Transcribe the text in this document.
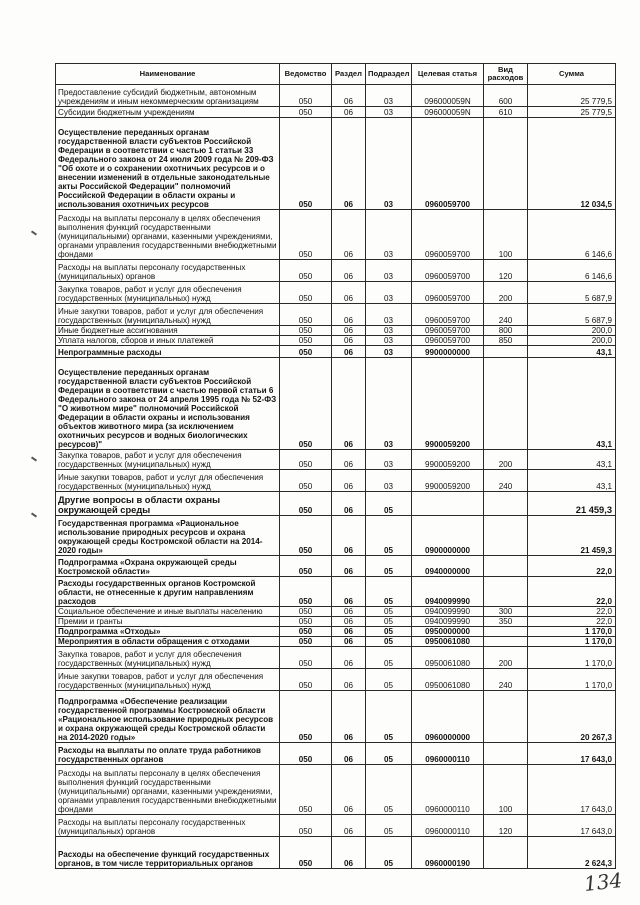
Наименование	Ведомство	Раздел	Подраздел	Целевая статья	Вид расходов	Сумма
Предоставление субсидий бюджетным, автономным учреждениям и иным некоммерческим организациям	050	06	03	096000059N	600	25 779,5
Субсидии бюджетным учреждениям	050	06	03	096000059N	610	25 779,5
Осуществление переданных органам государственной власти субъектов Российской Федерации в соответствии с частью 1 статьи 33 Федерального закона от 24 июля 2009 года № 209-ФЗ "Об охоте и о сохранении охотничьих ресурсов и о внесении изменений в отдельные законодательные акты Российской Федерации" полномочий Российской Федерации в области охраны и использования охотничьих ресурсов	050	06	03	0960059700		12 034,5
Расходы на выплаты персоналу в целях обеспечения выполнения функций государственными (муниципальными) органами, казенными учреждениями, органами управления государственными внебюджетными фондами	050	06	03	0960059700	100	6 146,6
Расходы на выплаты персоналу государственных (муниципальных) органов	050	06	03	0960059700	120	6 146,6
Закупка товаров, работ и услуг для обеспечения государственных (муниципальных) нужд	050	06	03	0960059700	200	5 687,9
Иные закупки товаров, работ и услуг для обеспечения государственных (муниципальных) нужд	050	06	03	0960059700	240	5 687,9
Иные бюджетные ассигнования	050	06	03	0960059700	800	200,0
Уплата налогов, сборов и иных платежей	050	06	03	0960059700	850	200,0
Непрограммные расходы	050	06	03	9900000000		43,1
Осуществление переданных органам государственной власти субъектов Российской Федерации в соответствии с частью первой статьи 6 Федерального закона от 24 апреля 1995 года № 52-ФЗ "О животном мире" полномочий Российской Федерации в области охраны и использования объектов животного мира (за исключением охотничьих ресурсов и водных биологических ресурсов)"	050	06	03	9900059200		43,1
Закупка товаров, работ и услуг для обеспечения государственных (муниципальных) нужд	050	06	03	9900059200	200	43,1
Иные закупки товаров, работ и услуг для обеспечения государственных (муниципальных) нужд	050	06	03	9900059200	240	43,1
Другие вопросы в области охраны окружающей среды	050	06	05			21 459,3
Государственная программа «Рациональное использование природных ресурсов и охрана окружающей среды Костромской области на 2014-2020 годы»	050	06	05	0900000000		21 459,3
Подпрограмма «Охрана окружающей среды Костромской области»	050	06	05	0940000000		22,0
Расходы государственных органов Костромской области, не отнесенные к другим направлениям расходов	050	06	05	0940099990		22,0
Социальное обеспечение и иные выплаты населению	050	06	05	0940099990	300	22,0
Премии и гранты	050	06	05	0940099990	350	22,0
Подпрограмма «Отходы»	050	06	05	0950000000		1 170,0
Мероприятия в области обращения с отходами	050	06	05	0950061080		1 170,0
Закупка товаров, работ и услуг для обеспечения государственных (муниципальных) нужд	050	06	05	0950061080	200	1 170,0
Иные закупки товаров, работ и услуг для обеспечения государственных (муниципальных) нужд	050	06	05	0950061080	240	1 170,0
Подпрограмма «Обеспечение реализации государственной программы Костромской области «Рациональное использование природных ресурсов и охрана окружающей среды Костромской области на 2014-2020 годы»	050	06	05	0960000000		20 267,3
Расходы на выплаты по оплате труда работников государственных органов	050	06	05	0960000110		17 643,0
Расходы на выплаты персоналу в целях обеспечения выполнения функций государственными (муниципальными) органами, казенными учреждениями, органами управления государственными внебюджетными фондами	050	06	05	0960000110	100	17 643,0
Расходы на выплаты персоналу государственных (муниципальных) органов	050	06	05	0960000110	120	17 643,0
Расходы на обеспечение функций государственных органов, в том числе территориальных органов	050	06	05	0960000190		2 624,3
134
